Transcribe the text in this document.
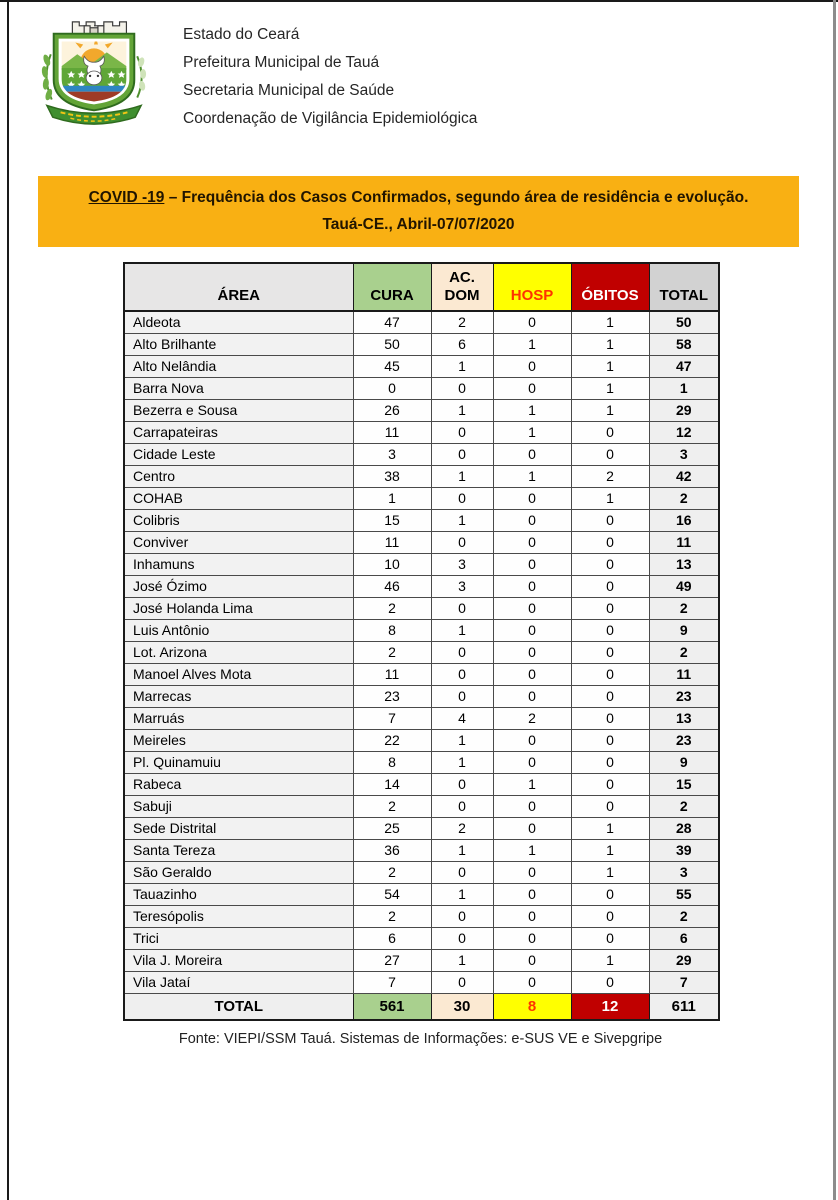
Estado do Ceará
Prefeitura Municipal de Tauá
Secretaria Municipal de Saúde
Coordenação de Vigilância Epidemiológica
COVID -19 – Frequência dos Casos Confirmados, segundo área de residência e evolução.
Tauá-CE., Abril-07/07/2020
ÁREA	CURA	AC. DOM	HOSP	ÓBITOS	TOTAL
Aldeota	47	2	0	1	50
Alto Brilhante	50	6	1	1	58
Alto Nelândia	45	1	0	1	47
Barra Nova	0	0	0	1	1
Bezerra e Sousa	26	1	1	1	29
Carrapateiras	11	0	1	0	12
Cidade Leste	3	0	0	0	3
Centro	38	1	1	2	42
COHAB	1	0	0	1	2
Colibris	15	1	0	0	16
Conviver	11	0	0	0	11
Inhamuns	10	3	0	0	13
José Ózimo	46	3	0	0	49
José Holanda Lima	2	0	0	0	2
Luis Antônio	8	1	0	0	9
Lot. Arizona	2	0	0	0	2
Manoel Alves Mota	11	0	0	0	11
Marrecas	23	0	0	0	23
Marruás	7	4	2	0	13
Meireles	22	1	0	0	23
Pl. Quinamuiu	8	1	0	0	9
Rabeca	14	0	1	0	15
Sabuji	2	0	0	0	2
Sede Distrital	25	2	0	1	28
Santa Tereza	36	1	1	1	39
São Geraldo	2	0	0	1	3
Tauazinho	54	1	0	0	55
Teresópolis	2	0	0	0	2
Trici	6	0	0	0	6
Vila J. Moreira	27	1	0	1	29
Vila Jataí	7	0	0	0	7
TOTAL	561	30	8	12	611
Fonte: VIEPI/SSM Tauá. Sistemas de Informações: e-SUS VE e Sivepgripe
